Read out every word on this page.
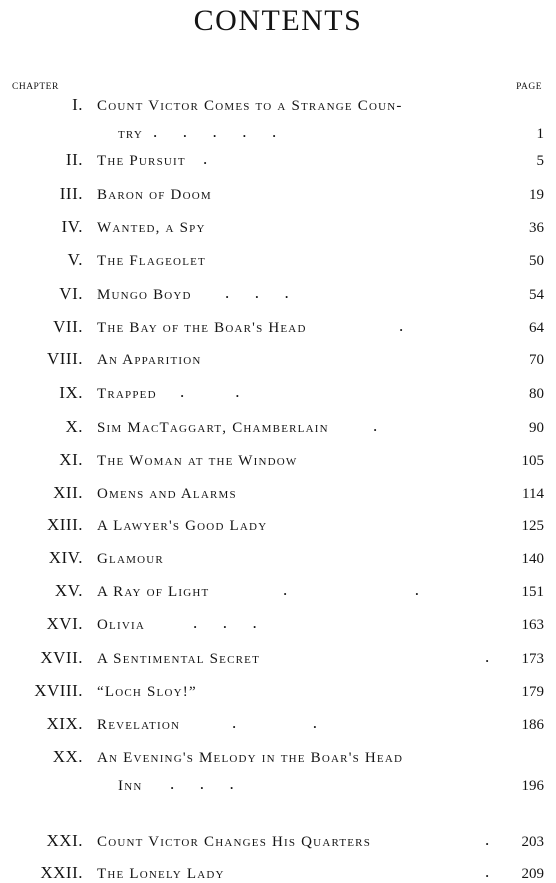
CONTENTS
CHAPTER	PAGE
I. Count Victor Comes to a Strange Coun-
try .      .      .      .      .	1
II. The Pursuit .	5
III. Baron of Doom	19
IV. Wanted, a Spy	36
V. The Flageolet	50
VI. Mungo Boyd .      .      .	54
VII. The Bay of the Boar's Head	.	64
VIII. An Apparition	70
IX. Trapped .            .	80
X. Sim MacTaggart, Chamberlain	.	90
XI. The Woman at the Window	105
XII. Omens and Alarms	114
XIII. A Lawyer's Good Lady	125
XIV. Glamour	140
XV. A Ray of Light	.                              .	151
XVI. Olivia	.      .      .	163
XVII. A Sentimental Secret	. 173
XVIII. “Loch Sloy!”	179
XIX. Revelation	.                  .	186
XX. An Evening's Melody in the Boar's Head
Inn .      .      .	196
XXI. Count Victor Changes His Quarters	. 203
XXII. The Lonely Lady	. 209
